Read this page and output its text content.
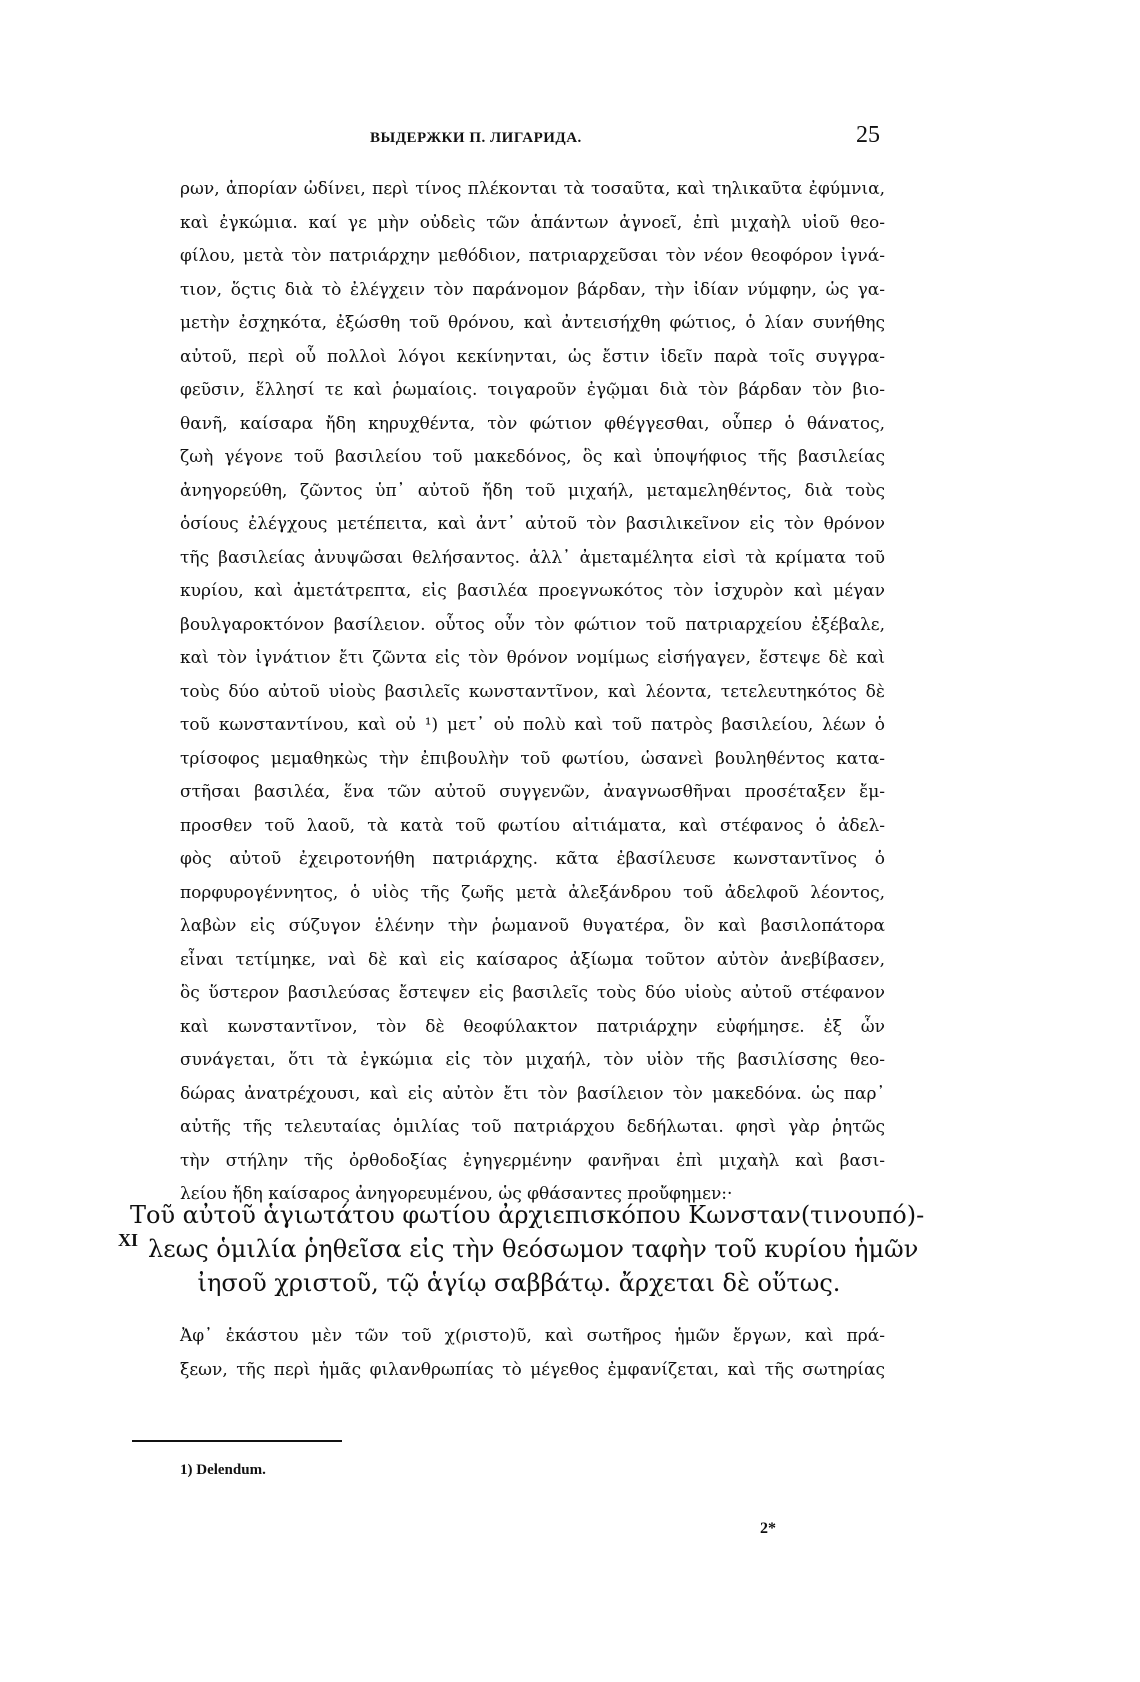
ВЫДЕРЖКИ П. ЛИГАРИДА.	25
ρων, ἀπορίαν ὠδίνει, περὶ τίνος πλέκονται τὰ τοσαῦτα, καὶ τηλικαῦτα ἐφύμνια,
καὶ ἐγκώμια. καί γε μὴν οὐδεὶς τῶν ἁπάντων ἀγνοεῖ, ἐπὶ μιχαὴλ υἱοῦ θεο-
φίλου, μετὰ τὸν πατριάρχην μεθόδιον, πατριαρχεῦσαι τὸν νέον θεοφόρον ἰγνά-
τιον, ὅςτις διὰ τὸ ἐλέγχειν τὸν παράνομον βάρδαν, τὴν ἰδίαν νύμφην, ὡς γα-
μετὴν ἐσχηκότα, ἐξώσθη τοῦ θρόνου, καὶ ἀντεισήχθη φώτιος, ὁ λίαν συνήθης
αὐτοῦ, περὶ οὗ πολλοὶ λόγοι κεκίνηνται, ὡς ἔστιν ἰδεῖν παρὰ τοῖς συγγρα-
φεῦσιν, ἕλλησί τε καὶ ῥωμαίοις. τοιγαροῦν ἐγῷμαι διὰ τὸν βάρδαν τὸν βιο-
θανῆ, καίσαρα ἤδη κηρυχθέντα, τὸν φώτιον φθέγγεσθαι, οὗπερ ὁ θάνατος,
ζωὴ γέγονε τοῦ βασιλείου τοῦ μακεδόνος, ὃς καὶ ὑποψήφιος τῆς βασιλείας
ἀνηγορεύθη, ζῶντος ὑπ᾽ αὐτοῦ ἤδη τοῦ μιχαήλ, μεταμεληθέντος, διὰ τοὺς
ὁσίους ἐλέγχους μετέπειτα, καὶ ἀντ᾽ αὐτοῦ τὸν βασιλικεῖνον εἰς τὸν θρόνον
τῆς βασιλείας ἀνυψῶσαι θελήσαντος. ἀλλ᾽ ἀμεταμέλητα εἰσὶ τὰ κρίματα τοῦ
κυρίου, καὶ ἀμετάτρεπτα, εἰς βασιλέα προεγνωκότος τὸν ἰσχυρὸν καὶ μέγαν
βουλγαροκτόνον βασίλειον. οὗτος οὖν τὸν φώτιον τοῦ πατριαρχείου ἐξέβαλε,
καὶ τὸν ἰγνάτιον ἔτι ζῶντα εἰς τὸν θρόνον νομίμως εἰσήγαγεν, ἔστεψε δὲ καὶ
τοὺς δύο αὐτοῦ υἱοὺς βασιλεῖς κωνσταντῖνον, καὶ λέοντα, τετελευτηκότος δὲ
τοῦ κωνσταντίνου, καὶ οὐ ¹) μετ᾽ οὐ πολὺ καὶ τοῦ πατρὸς βασιλείου, λέων ὁ
τρίσοφος μεμαθηκὼς τὴν ἐπιβουλὴν τοῦ φωτίου, ὡσανεὶ βουληθέντος κατα-
στῆσαι βασιλέα, ἕνα τῶν αὐτοῦ συγγενῶν, ἀναγνωσθῆναι προσέταξεν ἔμ-
προσθεν τοῦ λαοῦ, τὰ κατὰ τοῦ φωτίου αἰτιάματα, καὶ στέφανος ὁ ἀδελ-
φὸς αὐτοῦ ἐχειροτονήθη πατριάρχης. κᾶτα ἐβασίλευσε κωνσταντῖνος ὁ
πορφυρογέννητος, ὁ υἱὸς τῆς ζωῆς μετὰ ἀλεξάνδρου τοῦ ἀδελφοῦ λέοντος,
λαβὼν εἰς σύζυγον ἑλένην τὴν ῥωμανοῦ θυγατέρα, ὃν καὶ βασιλοπάτορα
εἶναι τετίμηκε, ναὶ δὲ καὶ εἰς καίσαρος ἀξίωμα τοῦτον αὐτὸν ἀνεβίβασεν,
ὃς ὕστερον βασιλεύσας ἔστεψεν εἰς βασιλεῖς τοὺς δύο υἱοὺς αὐτοῦ στέφανον
καὶ κωνσταντῖνον, τὸν δὲ θεοφύλακτον πατριάρχην εὐφήμησε. ἐξ ὧν
συνάγεται, ὅτι τὰ ἐγκώμια εἰς τὸν μιχαήλ, τὸν υἱὸν τῆς βασιλίσσης θεο-
δώρας ἀνατρέχουσι, καὶ εἰς αὐτὸν ἔτι τὸν βασίλειον τὸν μακεδόνα. ὡς παρ᾽
αὐτῆς τῆς τελευταίας ὁμιλίας τοῦ πατριάρχου δεδήλωται. φησὶ γὰρ ῥητῶς
τὴν στήλην τῆς ὀρθοδοξίας ἐγηγερμένην φανῆναι ἐπὶ μιχαὴλ καὶ βασι-
λείου ἤδη καίσαρος ἀνηγορευμένου, ὡς φθάσαντες προὔφημεν:·
XI
Τοῦ αὐτοῦ ἁγιωτάτου φωτίου ἀρχιεπισκόπου Κωνσταν(τινουπό)-
λεως ὁμιλία ῥηθεῖσα εἰς τὴν θεόσωμον ταφὴν τοῦ κυρίου ἡμῶν
ἰησοῦ χριστοῦ, τῷ ἁγίῳ σαββάτῳ. ἄρχεται δὲ οὕτως.
Ἀφ᾽ ἑκάστου μὲν τῶν τοῦ χ(ριστο)ῦ, καὶ σωτῆρος ἡμῶν ἔργων, καὶ πρά-
ξεων, τῆς περὶ ἡμᾶς φιλανθρωπίας τὸ μέγεθος ἐμφανίζεται, καὶ τῆς σωτηρίας
1) Delendum.
2*
